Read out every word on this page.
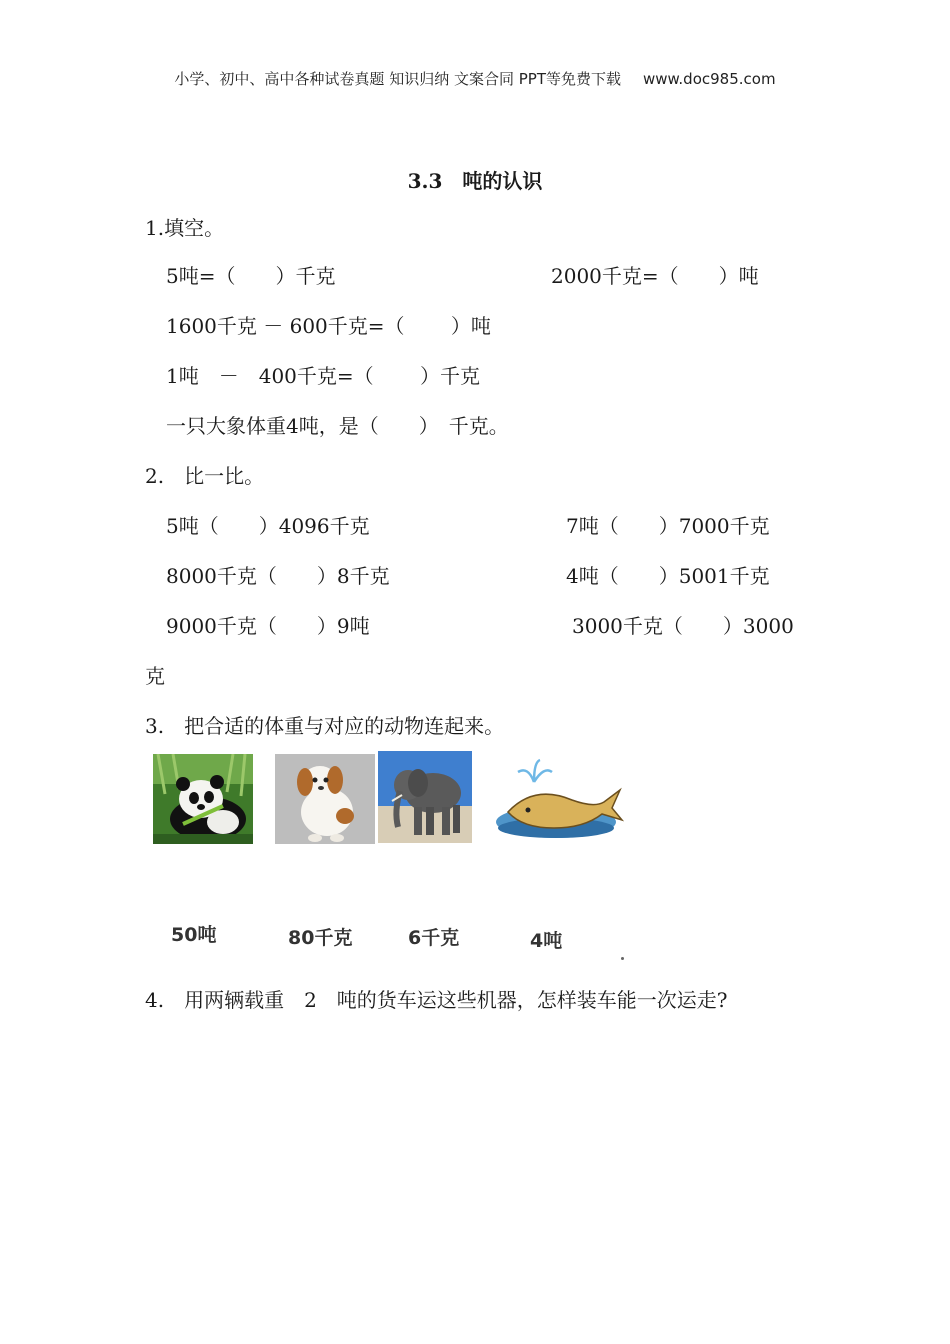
小学、初中、高中各种试卷真题 知识归纳 文案合同 PPT等免费下载 www.doc985.com
3.3　吨的认识
1.填空。
5吨=（　　）千克	2000千克=（　　）吨
1600千克 － 600千克=（　　 ）吨
1吨　－　400千克=（　　 ）千克
一只大象体重4吨，是（　　）　千克。
2.　比一比。
5吨（　　）4096千克	7吨（　　）7000千克
8000千克（　　）8千克	4吨（　　）5001千克
9000千克（　　）9吨	3000千克（　　）3000
克
3.　把合适的体重与对应的动物连起来。
50吨	80千克	6千克	4吨
4.　用两辆载重　2　吨的货车运这些机器，怎样装车能一次运走?
